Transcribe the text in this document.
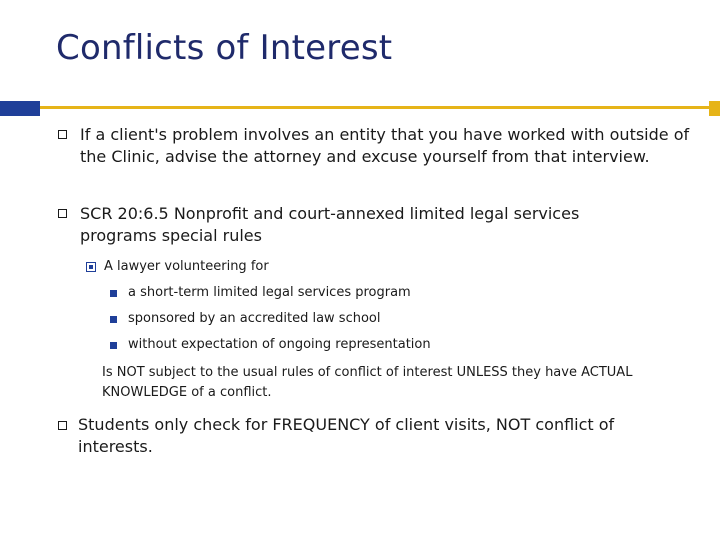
Conflicts of Interest
If a client's problem involves an entity that you have worked with outside of the Clinic, advise the attorney and excuse yourself from that interview.
SCR 20:6.5 Nonprofit and court-annexed limited legal services programs special rules
A lawyer volunteering for
a short-term limited legal services program
sponsored by an accredited law school
without expectation of ongoing representation
Is NOT subject to the usual rules of conflict of interest UNLESS they have ACTUAL KNOWLEDGE of a conflict.
Students only check for FREQUENCY of client visits, NOT conflict of interests.
